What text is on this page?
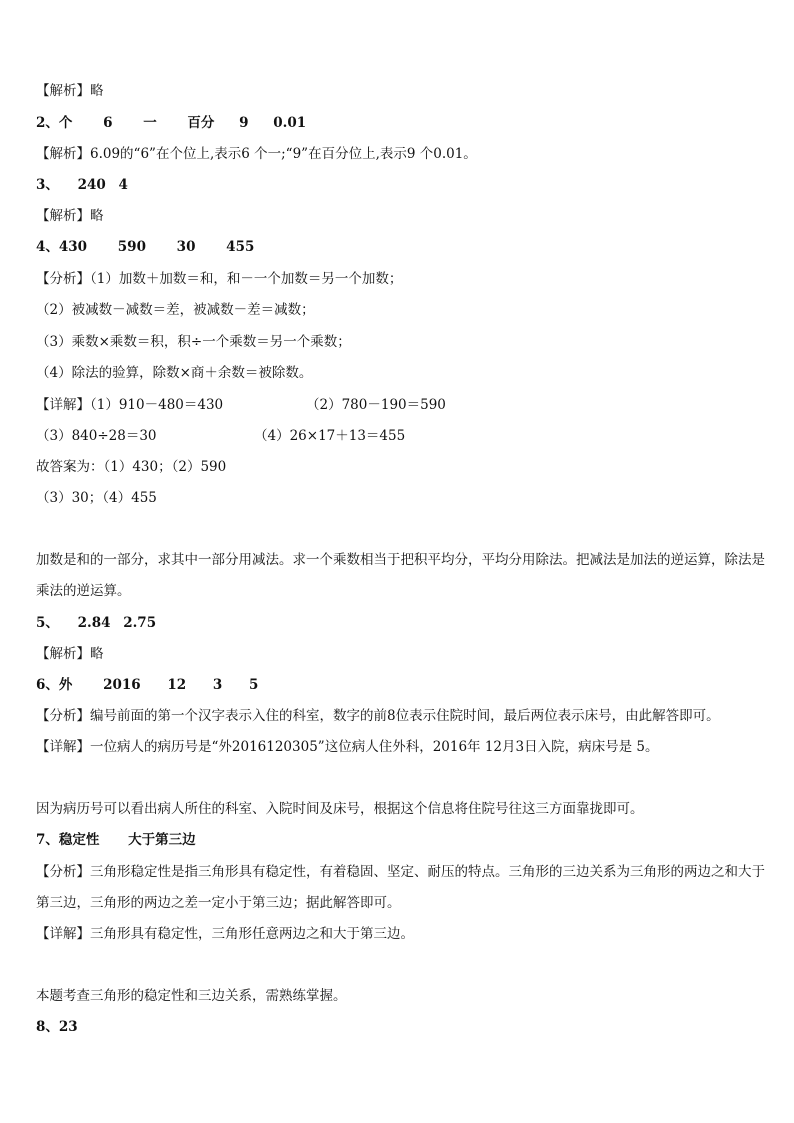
【解析】略
2、个 6 一 百分 9 0.01
【解析】6.09的“6”在个位上,表示6 个一;“9”在百分位上,表示9 个0.01。
3、 240 4
【解析】略
4、430 590 30 455
【分析】（1）加数＋加数＝和，和－一个加数＝另一个加数；
（2）被减数－减数＝差，被减数－差＝减数；
（3）乘数×乘数＝积，积÷一个乘数＝另一个乘数；
（4）除法的验算，除数×商＋余数＝被除数。
【详解】（1）910－480＝430	（2）780－190＝590
（3）840÷28＝30	（4）26×17＋13＝455
故答案为：（1）430；（2）590
（3）30；（4）455
加数是和的一部分，求其中一部分用减法。求一个乘数相当于把积平均分，平均分用除法。把减法是加法的逆运算，除法是乘法的逆运算。
5、 2.84 2.75
【解析】略
6、外 2016 12 3 5
【分析】编号前面的第一个汉字表示入住的科室，数字的前8位表示住院时间，最后两位表示床号，由此解答即可。
【详解】一位病人的病历号是“外2016120305”这位病人住外科，2016年 12月3日入院，病床号是 5。
因为病历号可以看出病人所住的科室、入院时间及床号，根据这个信息将住院号往这三方面靠拢即可。
7、稳定性 大于第三边
【分析】三角形稳定性是指三角形具有稳定性，有着稳固、坚定、耐压的特点。三角形的三边关系为三角形的两边之和大于第三边，三角形的两边之差一定小于第三边；据此解答即可。
【详解】三角形具有稳定性，三角形任意两边之和大于第三边。
本题考查三角形的稳定性和三边关系，需熟练掌握。
8、23
